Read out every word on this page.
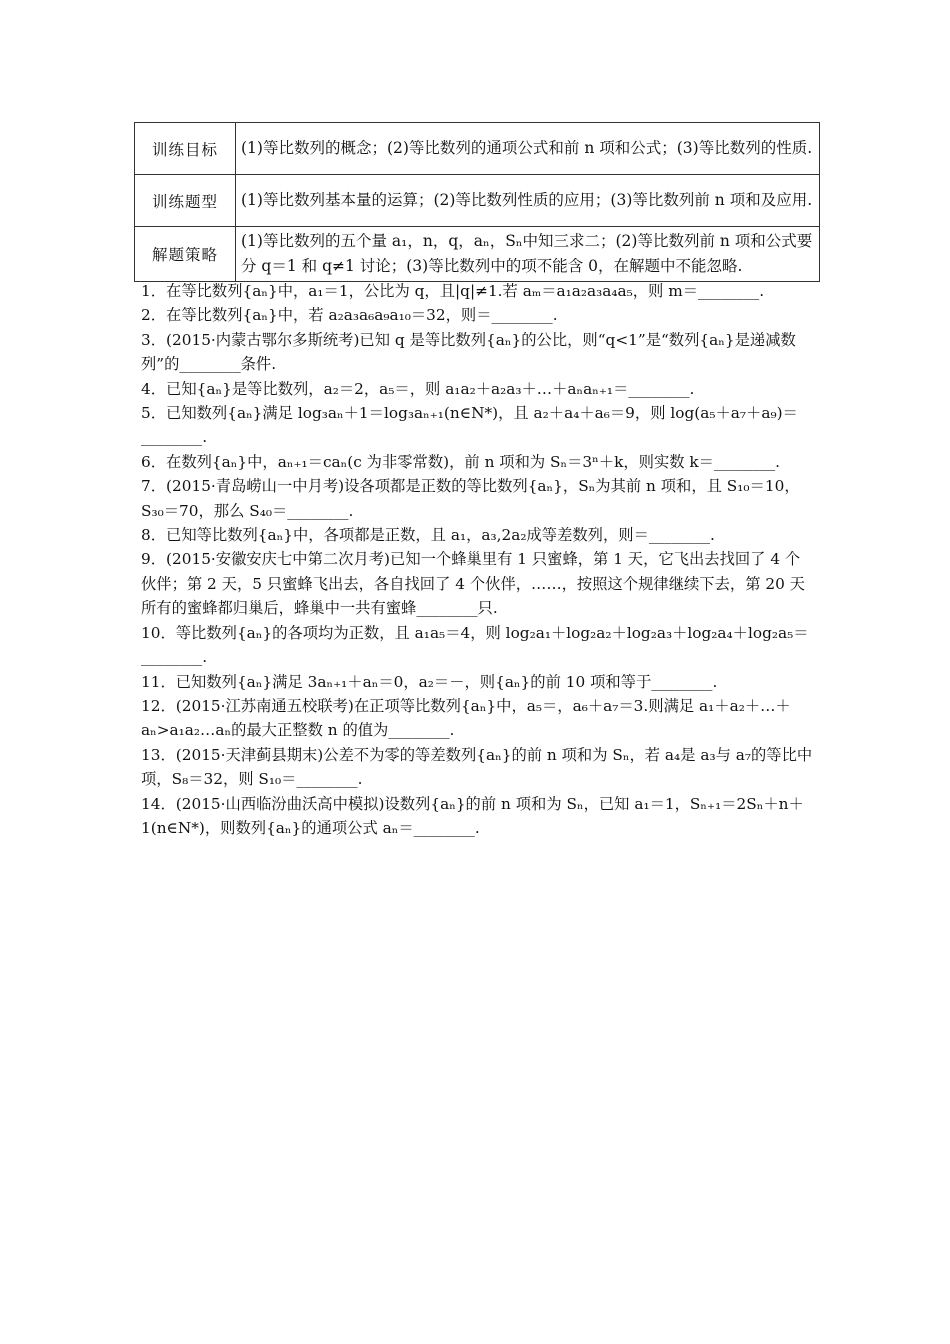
训练目标	(1)等比数列的概念；(2)等比数列的通项公式和前 n 项和公式；(3)等比数列的性质.
训练题型	(1)等比数列基本量的运算；(2)等比数列性质的应用；(3)等比数列前 n 项和及应用.
解题策略	(1)等比数列的五个量 a₁，n，q，aₙ，Sₙ中知三求二；(2)等比数列前 n 项和公式要分 q＝1 和 q≠1 讨论；(3)等比数列中的项不能含 0，在解题中不能忽略.
1．在等比数列{aₙ}中，a₁＝1，公比为 q，且|q|≠1.若 aₘ＝a₁a₂a₃a₄a₅，则 m＝________.
2．在等比数列{aₙ}中，若 a₂a₃a₆a₉a₁₀＝32，则＝________.
3．(2015·内蒙古鄂尔多斯统考)已知 q 是等比数列{aₙ}的公比，则“q<1”是“数列{aₙ}是递减数列”的________条件.
4．已知{aₙ}是等比数列，a₂＝2，a₅＝，则 a₁a₂＋a₂a₃＋…＋aₙaₙ₊₁＝________.
5．已知数列{aₙ}满足 log₃aₙ＋1＝log₃aₙ₊₁(n∈N*)，且 a₂＋a₄＋a₆＝9，则 log(a₅＋a₇＋a₉)＝________.
6．在数列{aₙ}中，aₙ₊₁＝caₙ(c 为非零常数)，前 n 项和为 Sₙ＝3ⁿ＋k，则实数 k＝________.
7．(2015·青岛崂山一中月考)设各项都是正数的等比数列{aₙ}，Sₙ为其前 n 项和，且 S₁₀＝10，S₃₀＝70，那么 S₄₀＝________.
8．已知等比数列{aₙ}中，各项都是正数，且 a₁，a₃,2a₂成等差数列，则＝________.
9．(2015·安徽安庆七中第二次月考)已知一个蜂巢里有 1 只蜜蜂，第 1 天，它飞出去找回了 4 个伙伴；第 2 天，5 只蜜蜂飞出去，各自找回了 4 个伙伴，……，按照这个规律继续下去，第 20 天所有的蜜蜂都归巢后，蜂巢中一共有蜜蜂________只.
10．等比数列{aₙ}的各项均为正数，且 a₁a₅＝4，则 log₂a₁＋log₂a₂＋log₂a₃＋log₂a₄＋log₂a₅＝________.
11．已知数列{aₙ}满足 3aₙ₊₁＋aₙ＝0，a₂＝－，则{aₙ}的前 10 项和等于________.
12．(2015·江苏南通五校联考)在正项等比数列{aₙ}中，a₅＝，a₆＋a₇＝3.则满足 a₁＋a₂＋…＋aₙ>a₁a₂…aₙ的最大正整数 n 的值为________.
13．(2015·天津蓟县期末)公差不为零的等差数列{aₙ}的前 n 项和为 Sₙ，若 a₄是 a₃与 a₇的等比中项，S₈＝32，则 S₁₀＝________.
14．(2015·山西临汾曲沃高中模拟)设数列{aₙ}的前 n 项和为 Sₙ，已知 a₁＝1，Sₙ₊₁＝2Sₙ＋n＋1(n∈N*)，则数列{aₙ}的通项公式 aₙ＝________.
